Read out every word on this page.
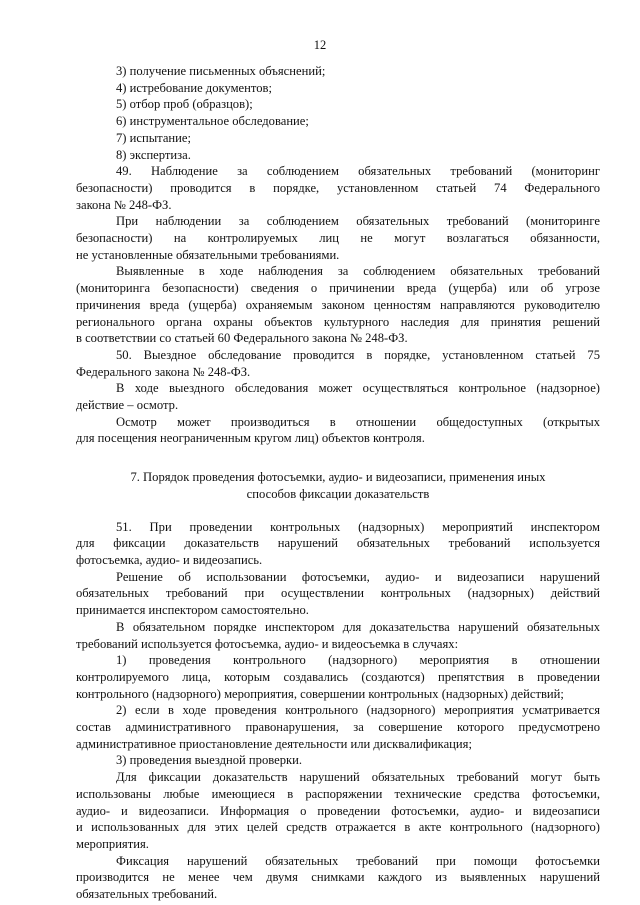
12
3) получение письменных объяснений;
4) истребование документов;
5) отбор проб (образцов);
6) инструментальное обследование;
7) испытание;
8) экспертиза.
49. Наблюдение за соблюдением обязательных требований (мониторинг
безопасности) проводится в порядке, установленном статьей 74 Федерального
закона № 248-ФЗ.
При наблюдении за соблюдением обязательных требований (мониторинге
безопасности) на контролируемых лиц не могут возлагаться обязанности,
не установленные обязательными требованиями.
Выявленные в ходе наблюдения за соблюдением обязательных требований
(мониторинга безопасности) сведения о причинении вреда (ущерба) или об угрозе
причинения вреда (ущерба) охраняемым законом ценностям направляются руководителю
регионального органа охраны объектов культурного наследия для принятия решений
в соответствии со статьей 60 Федерального закона № 248-ФЗ.
50. Выездное обследование проводится в порядке, установленном статьей 75
Федерального закона № 248-ФЗ.
В ходе выездного обследования может осуществляться контрольное (надзорное)
действие – осмотр.
Осмотр может производиться в отношении общедоступных (открытых
для посещения неограниченным кругом лиц) объектов контроля.
7. Порядок проведения фотосъемки, аудио- и видеозаписи, применения иных
способов фиксации доказательств
51. При проведении контрольных (надзорных) мероприятий инспектором
для фиксации доказательств нарушений обязательных требований используется
фотосъемка, аудио- и видеозапись.
Решение об использовании фотосъемки, аудио- и видеозаписи нарушений
обязательных требований при осуществлении контрольных (надзорных) действий
принимается инспектором самостоятельно.
В обязательном порядке инспектором для доказательства нарушений обязательных
требований используется фотосъемка, аудио- и видеосъемка в случаях:
1) проведения контрольного (надзорного) мероприятия в отношении
контролируемого лица, которым создавались (создаются) препятствия в проведении
контрольного (надзорного) мероприятия, совершении контрольных (надзорных) действий;
2) если в ходе проведения контрольного (надзорного) мероприятия усматривается
состав административного правонарушения, за совершение которого предусмотрено
административное приостановление деятельности или дисквалификация;
3) проведения выездной проверки.
Для фиксации доказательств нарушений обязательных требований могут быть
использованы любые имеющиеся в распоряжении технические средства фотосъемки,
аудио- и видеозаписи. Информация о проведении фотосъемки, аудио- и видеозаписи
и использованных для этих целей средств отражается в акте контрольного (надзорного)
мероприятия.
Фиксация нарушений обязательных требований при помощи фотосъемки
производится не менее чем двумя снимками каждого из выявленных нарушений
обязательных требований.
